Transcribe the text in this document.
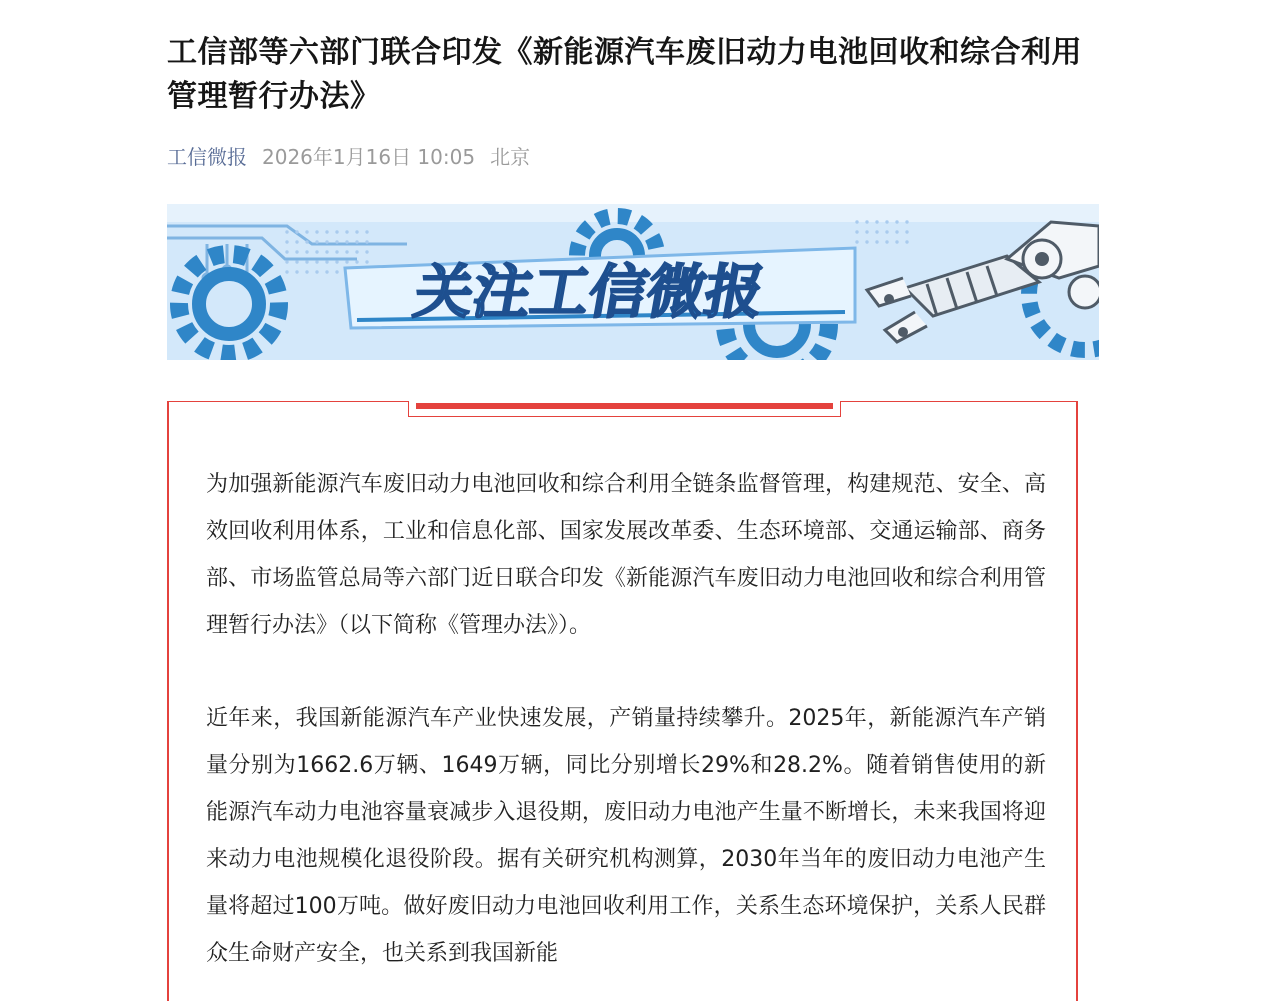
工信部等六部门联合印发《新能源汽车废旧动力电池回收和综合利用管理暂行办法》
工信微报 2026年1月16日 10:05 北京
关注工信微报

为加强新能源汽车废旧动力电池回收和综合利用全链条监督管理，构建规范、安全、高效回收利用体系，工业和信息化部、国家发展改革委、生态环境部、交通运输部、商务部、市场监管总局等六部门近日联合印发《新能源汽车废旧动力电池回收和综合利用管理暂行办法》（以下简称《管理办法》）。

近年来，我国新能源汽车产业快速发展，产销量持续攀升。2025年，新能源汽车产销量分别为1662.6万辆、1649万辆，同比分别增长29%和28.2%。随着销售使用的新能源汽车动力电池容量衰减步入退役期，废旧动力电池产生量不断增长，未来我国将迎来动力电池规模化退役阶段。据有关研究机构测算，2030年当年的废旧动力电池产生量将超过100万吨。做好废旧动力电池回收利用工作，关系生态环境保护，关系人民群众生命财产安全，也关系到我国新能
